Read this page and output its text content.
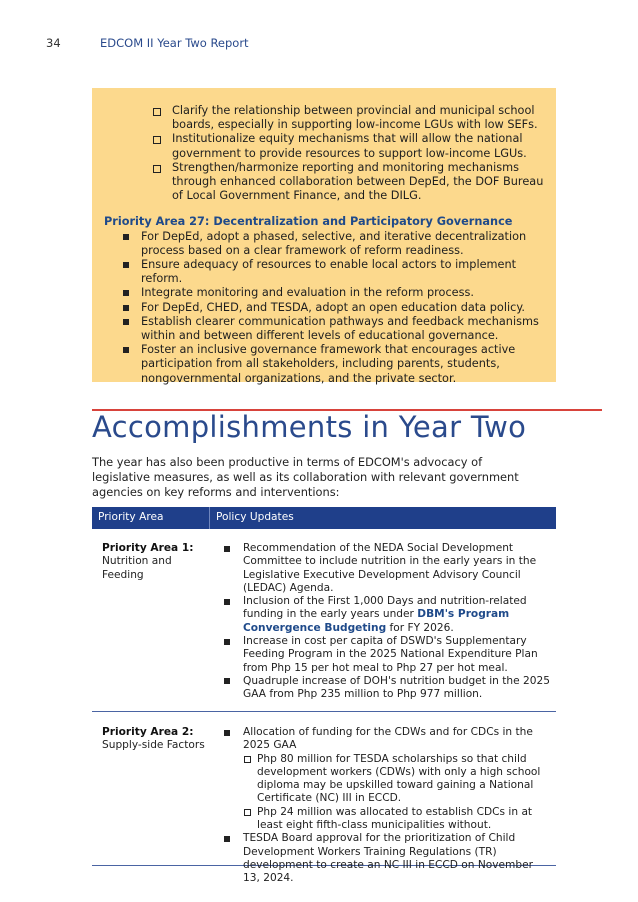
34	EDCOM II Year Two Report
Clarify the relationship between provincial and municipal school boards, especially in supporting low-income LGUs with low SEFs.
Institutionalize equity mechanisms that will allow the national government to provide resources to support low-income LGUs.
Strengthen/harmonize reporting and monitoring mechanisms through enhanced collaboration between DepEd, the DOF Bureau of Local Government Finance, and the DILG.
Priority Area 27: Decentralization and Participatory Governance
For DepEd, adopt a phased, selective, and iterative decentralization process based on a clear framework of reform readiness.
Ensure adequacy of resources to enable local actors to implement reform.
Integrate monitoring and evaluation in the reform process.
For DepEd, CHED, and TESDA, adopt an open education data policy.
Establish clearer communication pathways and feedback mechanisms within and between different levels of educational governance.
Foster an inclusive governance framework that encourages active participation from all stakeholders, including parents, students, nongovernmental organizations, and the private sector.
Accomplishments in Year Two

The year has also been productive in terms of EDCOM's advocacy of legislative measures, as well as its collaboration with relevant government agencies on key reforms and interventions:

Priority Area	Policy Updates
Priority Area 1:
Nutrition and Feeding
Recommendation of the NEDA Social Development Committee to include nutrition in the early years in the Legislative Executive Development Advisory Council (LEDAC) Agenda.
Inclusion of the First 1,000 Days and nutrition-related funding in the early years under DBM's Program Convergence Budgeting for FY 2026.
Increase in cost per capita of DSWD's Supplementary Feeding Program in the 2025 National Expenditure Plan from Php 15 per hot meal to Php 27 per hot meal.
Quadruple increase of DOH's nutrition budget in the 2025 GAA from Php 235 million to Php 977 million.
Priority Area 2:
Supply-side Factors
Allocation of funding for the CDWs and for CDCs in the 2025 GAA
Php 80 million for TESDA scholarships so that child development workers (CDWs) with only a high school diploma may be upskilled toward gaining a National Certificate (NC) III in ECCD.
Php 24 million was allocated to establish CDCs in at least eight fifth-class municipalities without.
TESDA Board approval for the prioritization of Child Development Workers Training Regulations (TR) development to create an NC III in ECCD on November 13, 2024.
